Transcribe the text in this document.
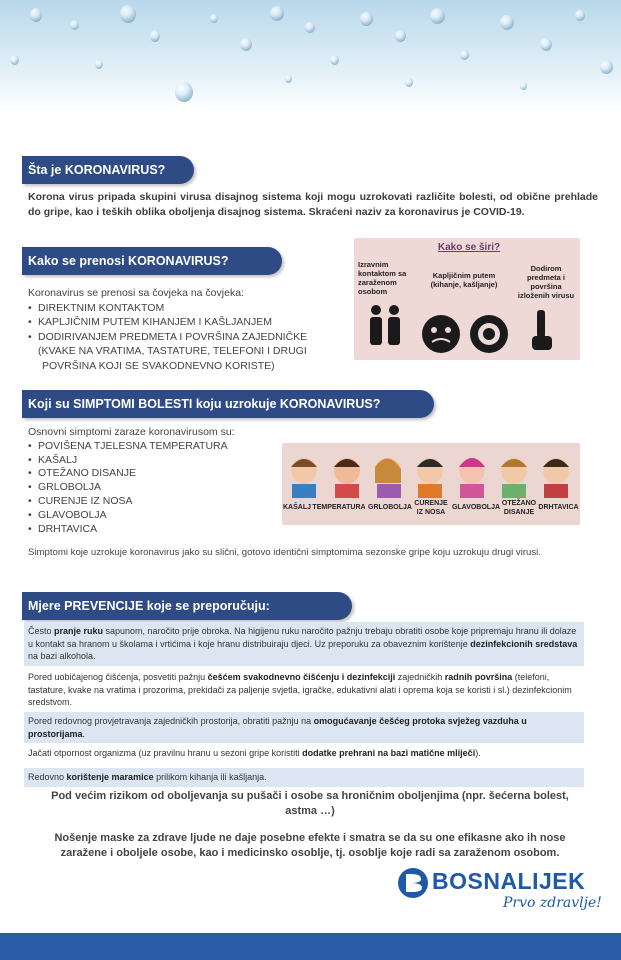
Šta je KORONAVIRUS?
Korona virus pripada skupini virusa disajnog sistema koji mogu uzrokovati različite bolesti, od obične prehlade do gripe, kao i teških oblika oboljenja disajnog sistema. Skraćeni naziv za koronavirus je COVID-19.
Kako se prenosi KORONAVIRUS?
Koronavirus se prenosi sa čovjeka na čovjeka:
• DIREKTNIM KONTAKTOM
• KAPLJIČNIM PUTEM KIHANJEM I KAŠLJANJEM
• DODIRIVANJEM PREDMETA I POVRŠINA ZAJEDNIČKE
(KVAKE NA VRATIMA, TASTATURE, TELEFONI I DRUGI
POVRŠINA KOJI SE SVAKODNEVNO KORISTE)
Kako se širi?
Izravnim kontaktom sa zaraženom osobom
Kapljičnim putem (kihanje, kašljanje)
Dodirom predmeta i površina izloženih virusu
Koji su SIMPTOMI BOLESTI koju uzrokuje KORONAVIRUS?
Osnovni simptomi zaraze koronavirusom su:
• POVIŠENA TJELESNA TEMPERATURA
• KAŠALJ
• OTEŽANO DISANJE
• GRLOBOLJA
• CURENJE IZ NOSA
• GLAVOBOLJA
• DRHTAVICA
KAŠALJ TEMPERATURA GRLOBOLJA
CURENJE IZ NOSA
GLAVOBOLJA
OTEŽANO DISANJE
DRHTAVICA
Simptomi koje uzrokuje koronavirus jako su slični, gotovo identični simptomima sezonske gripe koju uzrokuju drugi virusi.
Mjere PREVENCIJE koje se preporučuju:
Često pranje ruku sapunom, naročito prije obroka. Na higijenu ruku naročito pažnju trebaju obratiti osobe koje pripremaju hranu ili dolaze u kontakt sa hranom u školama i vrtićima i koje hranu distribuiraju djeci. Uz preporuku za obaveznim korištenje dezinfekcionih sredstava na bazi alkohola.
Pored uobičajenog čišćenja, posvetiti pažnju češćem svakodnevno čišćenju i dezinfekciji zajedničkih radnih površina (telefoni, tastature, kvake na vratima i prozorima, prekidači za paljenje svjetla, igračke, edukativni alati i oprema koja se koristi i sl.) dezinfekcionim sredstvom.
Pored redovnog provjetravanja zajedničkih prostorija, obratiti pažnju na omogućavanje češćeg protoka svježeg vazduha u prostorijama.
Jačati otpornost organizma (uz pravilnu hranu u sezoni gripe koristiti dodatke prehrani na bazi matične mliječi).
Redovno korištenje maramice prilikom kihanja ili kašljanja.
Pod većim rizikom od oboljevanja su pušači i osobe sa hroničnim oboljenjima (npr. šećerna bolest, astma …)
Nošenje maske za zdrave ljude ne daje posebne efekte i smatra se da su one efikasne ako ih nose zaražene i oboljele osobe, kao i medicinsko osoblje, tj. osoblje koje radi sa zaraženom osobom.
BOSNALIJEK
Prvo zdravlje!
